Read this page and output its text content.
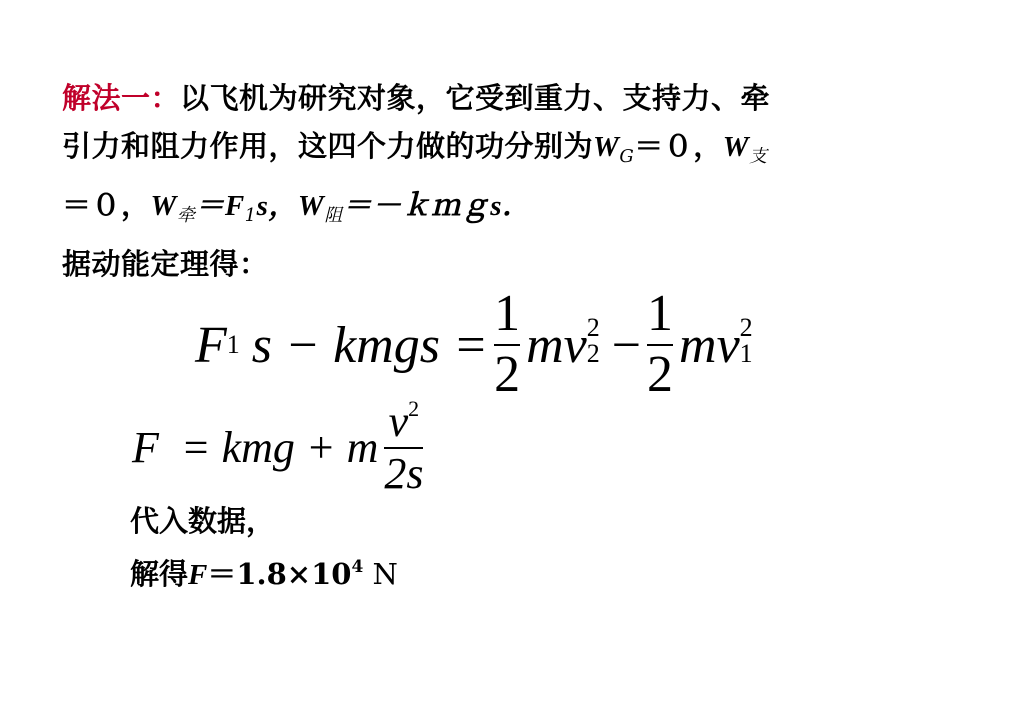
解法一：以飞机为研究对象，它受到重力、支持力、牵
引力和阻力作用，这四个力做的功分别为$W_G=0$，$W_支$
＝０，$W_牵=F_1s$，$W_阻=-kmgs$．
据动能定理得：
F 1 s − kmgs = $\frac{1}{2}$ mv 2
$2 - \frac{1}{2}$ mv 2
1
F  = kmg + m $\frac{v^2}{2s}$
代入数据，
解得$F=1.8\times 10^4$ N
